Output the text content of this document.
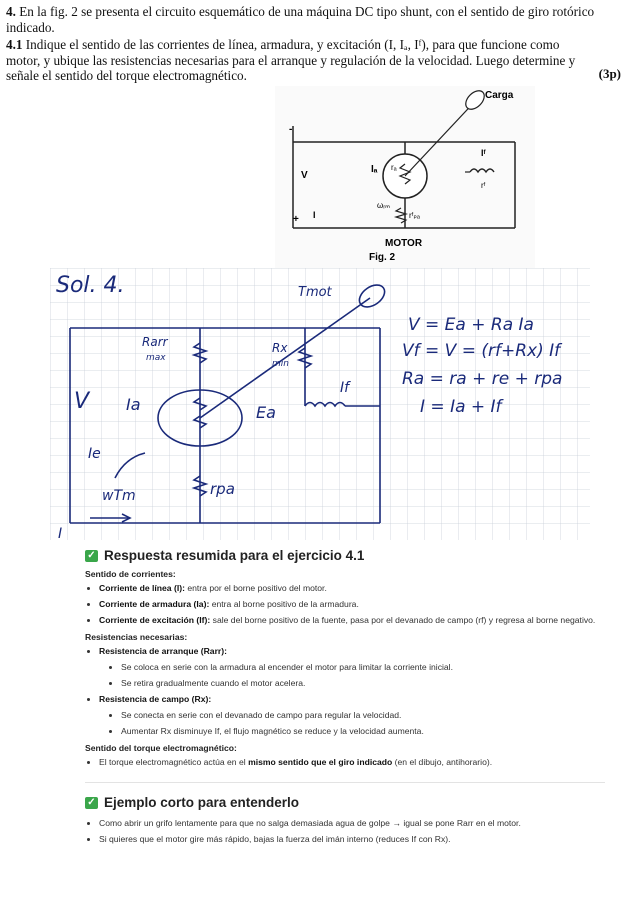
4. En la fig. 2 se presenta el circuito esquemático de una máquina DC tipo shunt, con el sentido de giro rotórico indicado.

4.1 Indique el sentido de las corrientes de línea, armadura, y excitación (I, Iₐ, Iᶠ), para que funcione como motor, y ubique las resistencias necesarias para el arranque y regulación de la velocidad. Luego determine y señale el sentido del torque electromagnético.	(3p)
Carga
V
Iₐ rₐ
Iᶠ
rᶠ
ωᵣₘ
rᶠₚₐ
I
+
-
MOTOR
Fig. 2
Sol. 4.	Tmot
Rarr
max
Rx
min
V Ia	Ea
If
Ie
wTm	rpa
I
V = Ea + Ra Ia
Vf = V = (rf+Rx) If
Ra = ra + re + rpa
I = Ia + If

✓ Respuesta resumida para el ejercicio 4.1

Sentido de corrientes:
• Corriente de línea (I): entra por el borne positivo del motor.
• Corriente de armadura (Ia): entra al borne positivo de la armadura.
• Corriente de excitación (If): sale del borne positivo de la fuente, pasa por el devanado de campo (rf) y regresa al borne negativo.
Resistencias necesarias:
• Resistencia de arranque (Rarr):
• Se coloca en serie con la armadura al encender el motor para limitar la corriente inicial.
• Se retira gradualmente cuando el motor acelera.
• Resistencia de campo (Rx):
• Se conecta en serie con el devanado de campo para regular la velocidad.
• Aumentar Rx disminuye If, el flujo magnético se reduce y la velocidad aumenta.
Sentido del torque electromagnético:
• El torque electromagnético actúa en el mismo sentido que el giro indicado (en el dibujo, antihorario).

✓ Ejemplo corto para entenderlo

• Como abrir un grifo lentamente para que no salga demasiada agua de golpe → igual se pone Rarr en el motor.
• Si quieres que el motor gire más rápido, bajas la fuerza del imán interno (reduces If con Rx).
